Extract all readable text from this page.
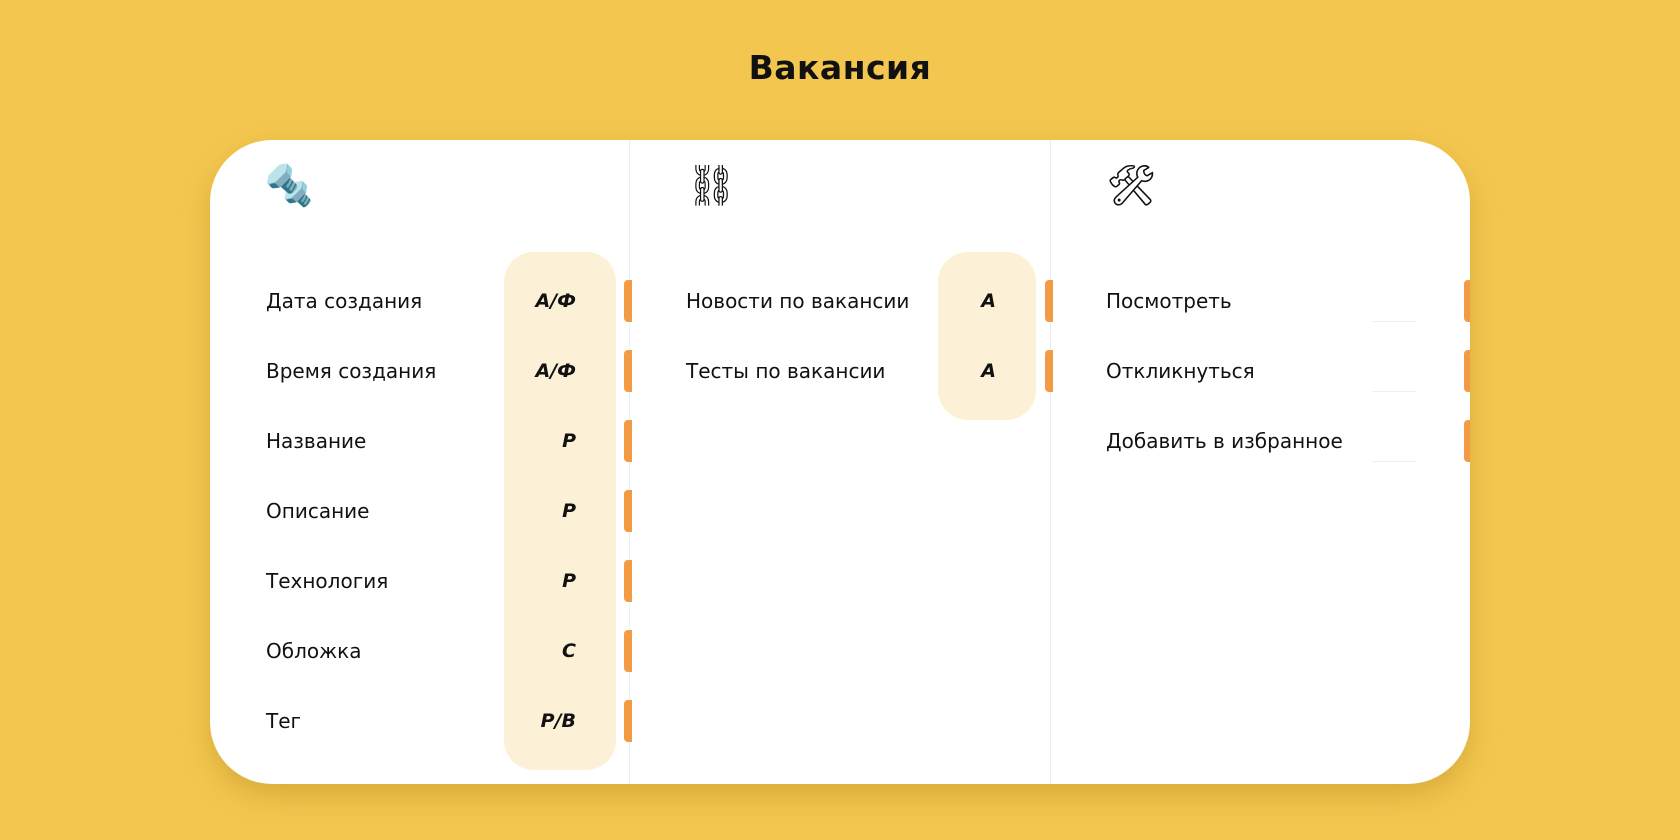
Вакансия
🔩
Дата создания	А/Ф
Время создания	А/Ф
Название	Р
Описание	Р
Технология	Р
Обложка	С
Тег	Р/В
⛓
Новости по вакансии	А
Тесты по вакансии	А
🛠
Посмотреть
Откликнуться
Добавить в избранное
